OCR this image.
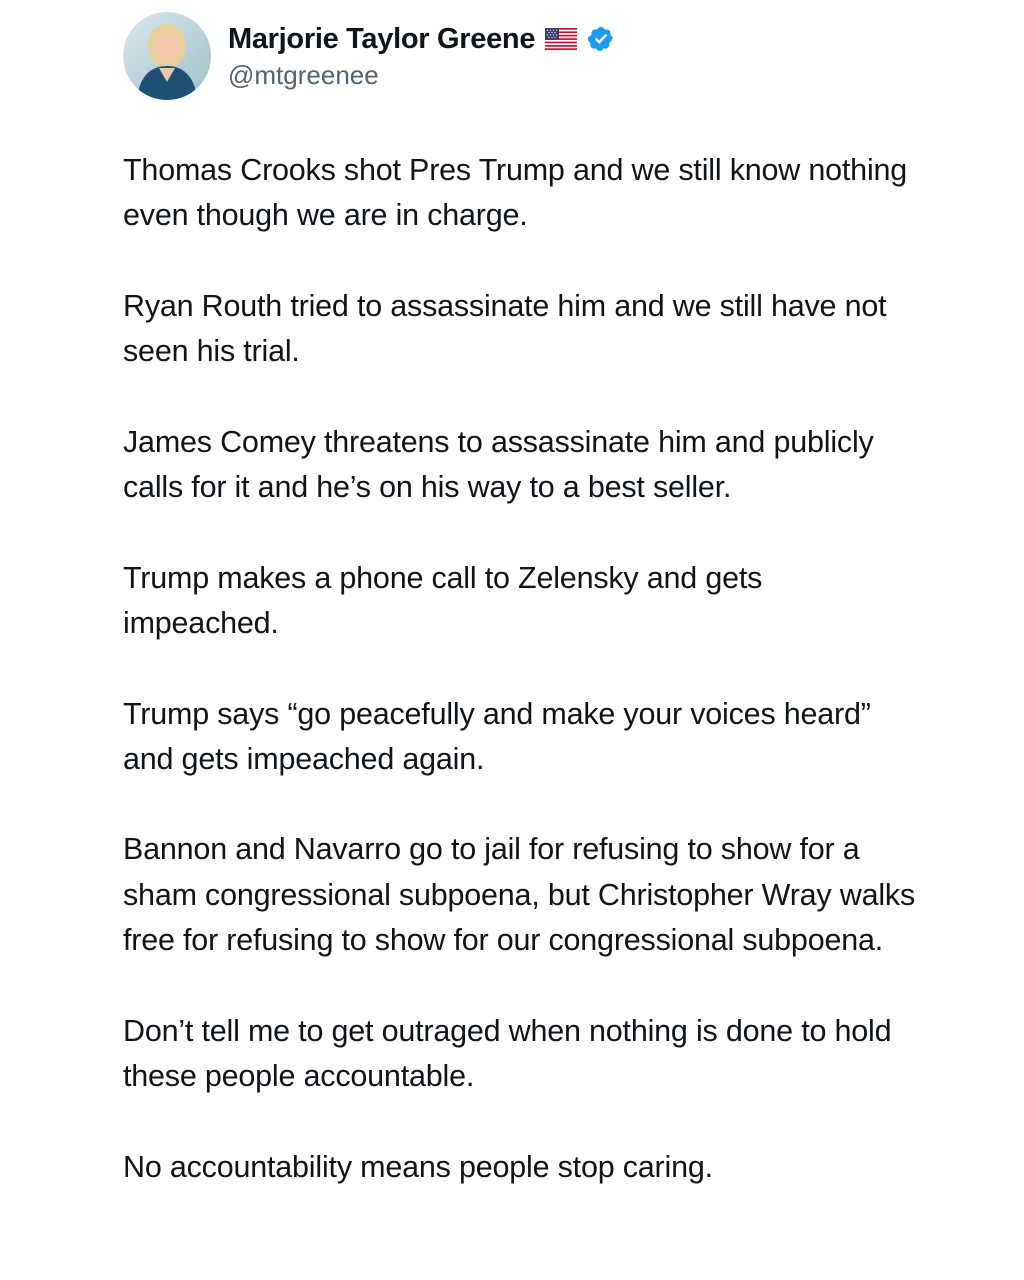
Marjorie Taylor Greene
@mtgreenee

Thomas Crooks shot Pres Trump and we still know nothing even though we are in charge.

Ryan Routh tried to assassinate him and we still have not seen his trial.

James Comey threatens to assassinate him and publicly calls for it and he’s on his way to a best seller.

Trump makes a phone call to Zelensky and gets impeached.

Trump says “go peacefully and make your voices heard” and gets impeached again.

Bannon and Navarro go to jail for refusing to show for a sham congressional subpoena, but Christopher Wray walks free for refusing to show for our congressional subpoena.

Don’t tell me to get outraged when nothing is done to hold these people accountable.

No accountability means people stop caring.
